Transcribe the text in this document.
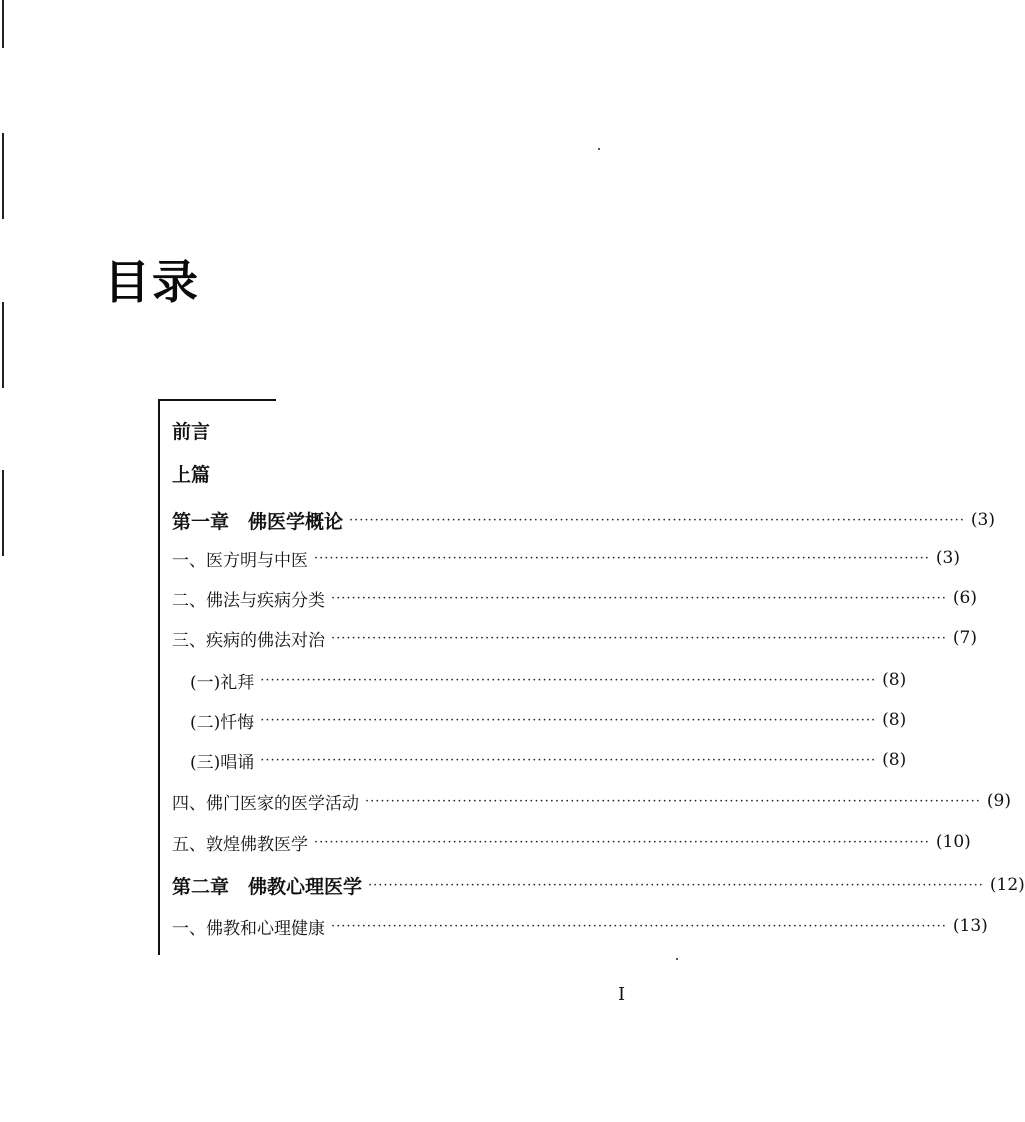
目录
前言
上篇
第一章　佛医学概论 ························································································································ (3)
一、医方明与中医 ························································································································ (3)
二、佛法与疾病分类 ························································································································ (6)
三、疾病的佛法对治 ························································································································ (7)
(一)礼拜 ························································································································ (8)
(二)忏悔 ························································································································ (8)
(三)唱诵 ························································································································ (8)
四、佛门医家的医学活动 ························································································································ (9)
五、敦煌佛教医学 ························································································································ (10)
第二章　佛教心理医学 ························································································································ (12)
一、佛教和心理健康 ························································································································ (13)
I
